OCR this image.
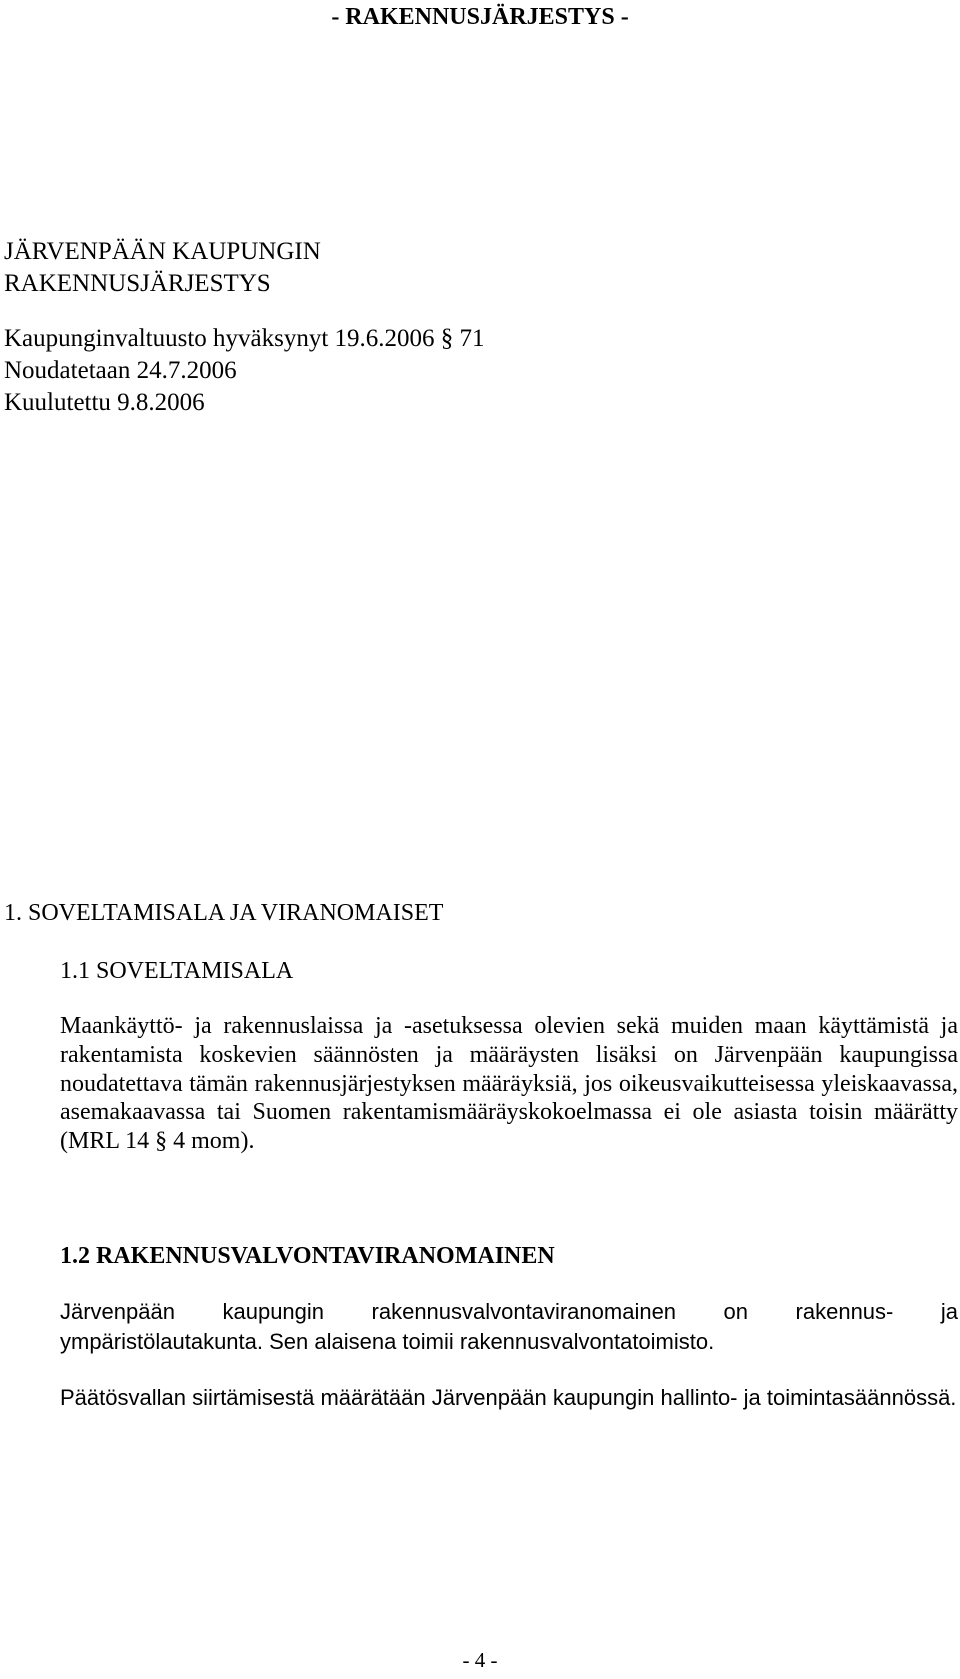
- RAKENNUSJÄRJESTYS -
JÄRVENPÄÄN KAUPUNGIN
RAKENNUSJÄRJESTYS
Kaupunginvaltuusto hyväksynyt 19.6.2006 § 71
Noudatetaan 24.7.2006
Kuulutettu 9.8.2006
1. SOVELTAMISALA JA VIRANOMAISET
1.1 SOVELTAMISALA

Maankäyttö- ja rakennuslaissa ja -asetuksessa olevien sekä muiden maan käyttämistä ja rakentamista koskevien säännösten ja määräysten lisäksi on Järvenpään kaupungissa noudatettava tämän rakennusjärjestyksen määräyksiä, jos oikeusvaikutteisessa yleiskaavassa, asemakaavassa tai Suomen rakentamismääräyskokoelmassa ei ole asiasta toisin määrätty (MRL 14 § 4 mom).

1.2 RAKENNUSVALVONTAVIRANOMAINEN

Järvenpään kaupungin rakennusvalvontaviranomainen on rakennus- ja ympäristölautakunta. Sen alaisena toimii rakennusvalvontatoimisto.

Päätösvallan siirtämisestä määrätään Järvenpään kaupungin hallinto- ja toimintasäännössä.

- 4 -
